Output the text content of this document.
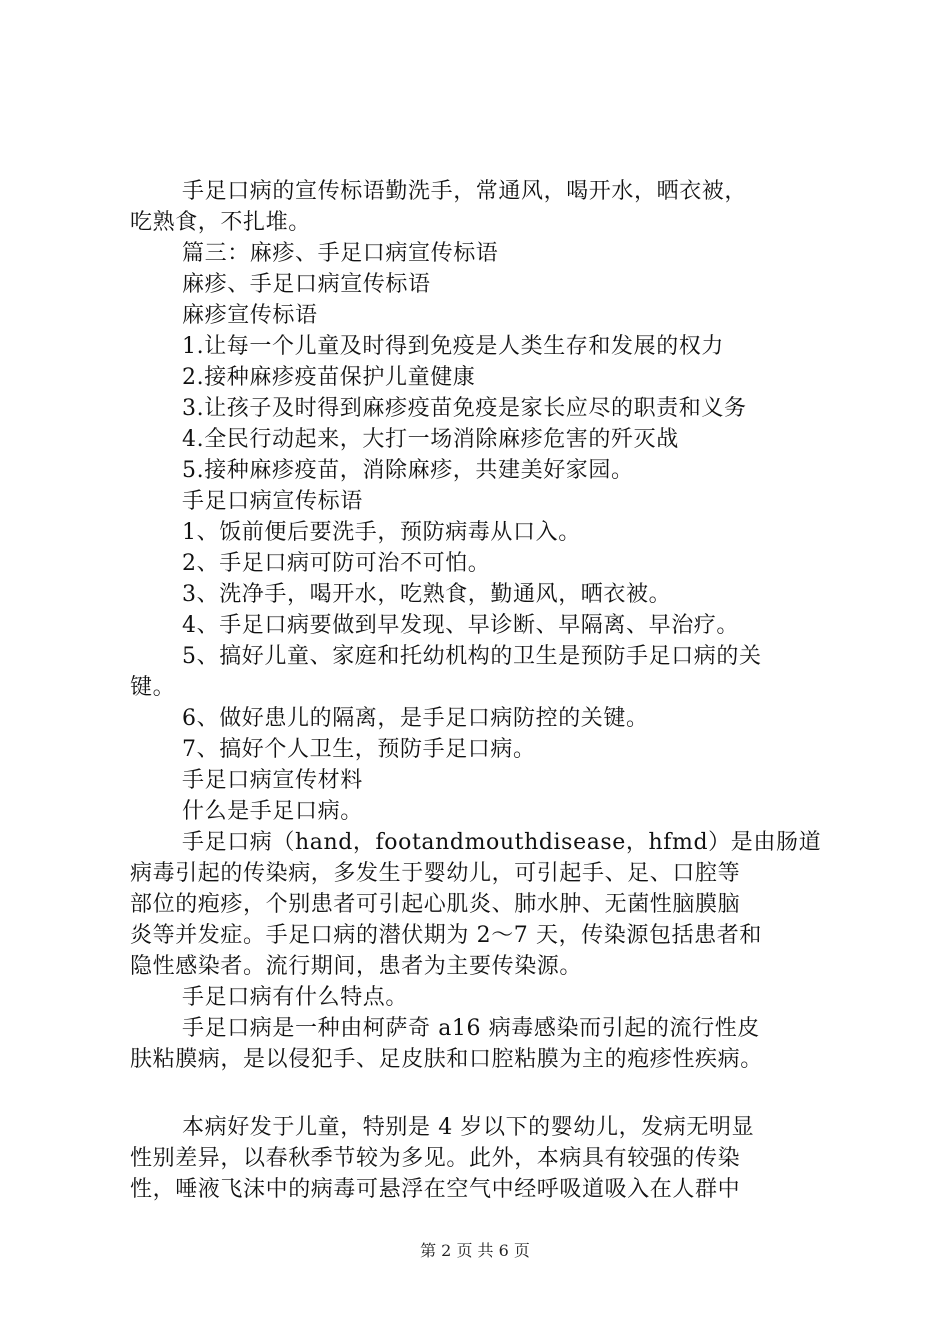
手足口病的宣传标语勤洗手，常通风，喝开水，晒衣被，

吃熟食，不扎堆。

篇三：麻疹、手足口病宣传标语

麻疹、手足口病宣传标语

麻疹宣传标语

1.让每一个儿童及时得到免疫是人类生存和发展的权力

2.接种麻疹疫苗保护儿童健康

3.让孩子及时得到麻疹疫苗免疫是家长应尽的职责和义务

4.全民行动起来，大打一场消除麻疹危害的歼灭战

5.接种麻疹疫苗，消除麻疹，共建美好家园。

手足口病宣传标语

1、饭前便后要洗手，预防病毒从口入。

2、手足口病可防可治不可怕。

3、洗净手，喝开水，吃熟食，勤通风，晒衣被。

4、手足口病要做到早发现、早诊断、早隔离、早治疗。

5、搞好儿童、家庭和托幼机构的卫生是预防手足口病的关

键。

6、做好患儿的隔离，是手足口病防控的关键。

7、搞好个人卫生，预防手足口病。

手足口病宣传材料

什么是手足口病。

手足口病（hand，footandmouthdisease，hfmd）是由肠道

病毒引起的传染病，多发生于婴幼儿，可引起手、足、口腔等

部位的疱疹，个别患者可引起心肌炎、肺水肿、无菌性脑膜脑

炎等并发症。手足口病的潜伏期为 2～7 天，传染源包括患者和

隐性感染者。流行期间，患者为主要传染源。

手足口病有什么特点。

手足口病是一种由柯萨奇 a16 病毒感染而引起的流行性皮

肤粘膜病，是以侵犯手、足皮肤和口腔粘膜为主的疱疹性疾病。

本病好发于儿童，特别是 4 岁以下的婴幼儿，发病无明显

性别差异，以春秋季节较为多见。此外，本病具有较强的传染

性，唾液飞沫中的病毒可悬浮在空气中经呼吸道吸入在人群中

第 2 页 共 6 页
